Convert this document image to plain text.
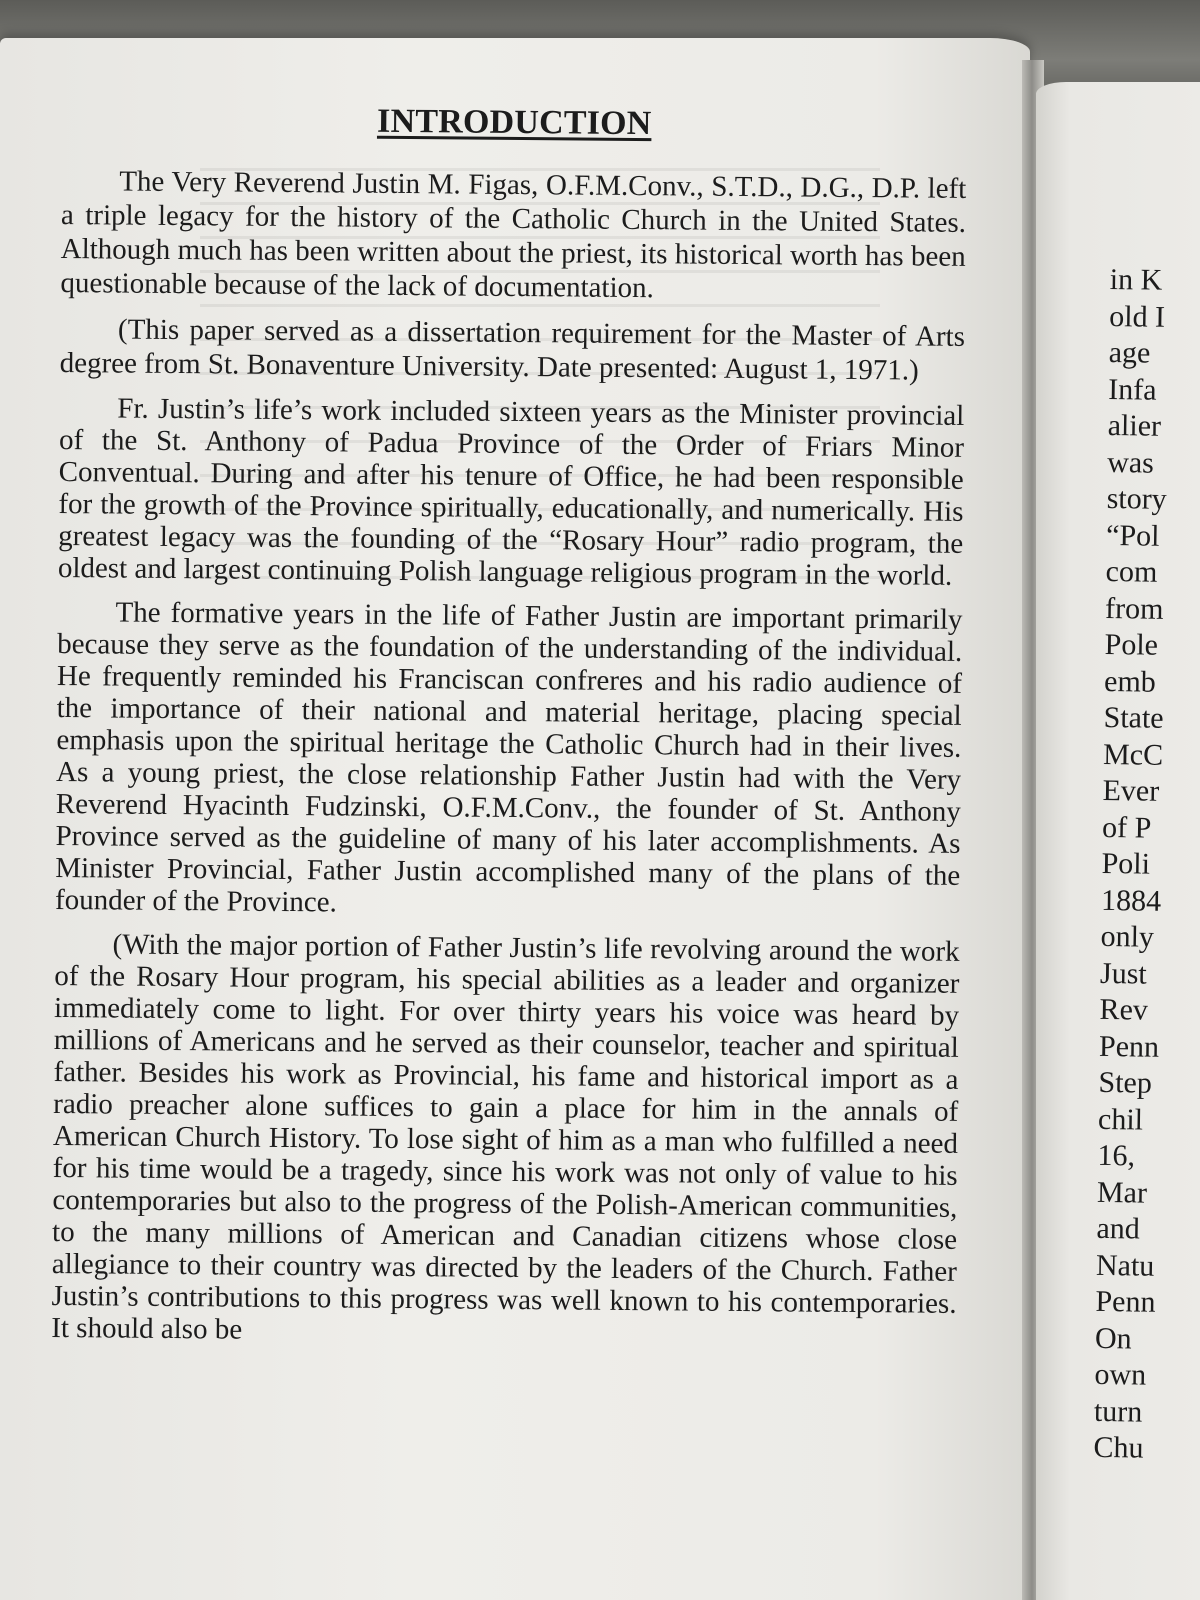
INTRODUCTION

The Very Reverend Justin M. Figas, O.F.M.Conv., S.T.D., D.G., D.P. left a triple legacy for the history of the Catholic Church in the United States. Although much has been written about the priest, its historical worth has been questionable because of the lack of documentation.

(This paper served as a dissertation requirement for the Master of Arts degree from St. Bonaventure University. Date presented: August 1, 1971.)

Fr. Justin’s life’s work included sixteen years as the Minister provincial of the St. Anthony of Padua Province of the Order of Friars Minor Conventual. During and after his tenure of Office, he had been responsible for the growth of the Province spiritually, educationally, and numerically. His greatest legacy was the founding of the “Rosary Hour” radio program, the oldest and largest continuing Polish language religious program in the world.

The formative years in the life of Father Justin are important primarily because they serve as the foundation of the understanding of the individual. He frequently reminded his Franciscan confreres and his radio audience of the importance of their national and material heritage, placing special emphasis upon the spiritual heritage the Catholic Church had in their lives. As a young priest, the close relationship Father Justin had with the Very Reverend Hyacinth Fudzinski, O.F.M.Conv., the founder of St. Anthony Province served as the guideline of many of his later accomplishments. As Minister Provincial, Father Justin accomplished many of the plans of the founder of the Province.

(With the major portion of Father Justin’s life revolving around the work of the Rosary Hour program, his special abilities as a leader and organizer immediately come to light. For over thirty years his voice was heard by millions of Americans and he served as their counselor, teacher and spiritual father. Besides his work as Provincial, his fame and historical import as a radio preacher alone suffices to gain a place for him in the annals of American Church History. To lose sight of him as a man who fulfilled a need for his time would be a tragedy, since his work was not only of value to his contemporaries but also to the progress of the Polish-American communities, to the many millions of American and Canadian citizens whose close allegiance to their country was directed by the leaders of the Church. Father Justin’s contributions to this progress was well known to his contemporaries. It should also be

in K
old I
age
Infa
alier
was
story
“Pol
com
from
Pole
emb
State
McC
Ever
of P
Poli
1884
only
Just
Rev
Penn
Step
chil
16,
Mar
and
Natu
Penn
On
own
turn
Chu
